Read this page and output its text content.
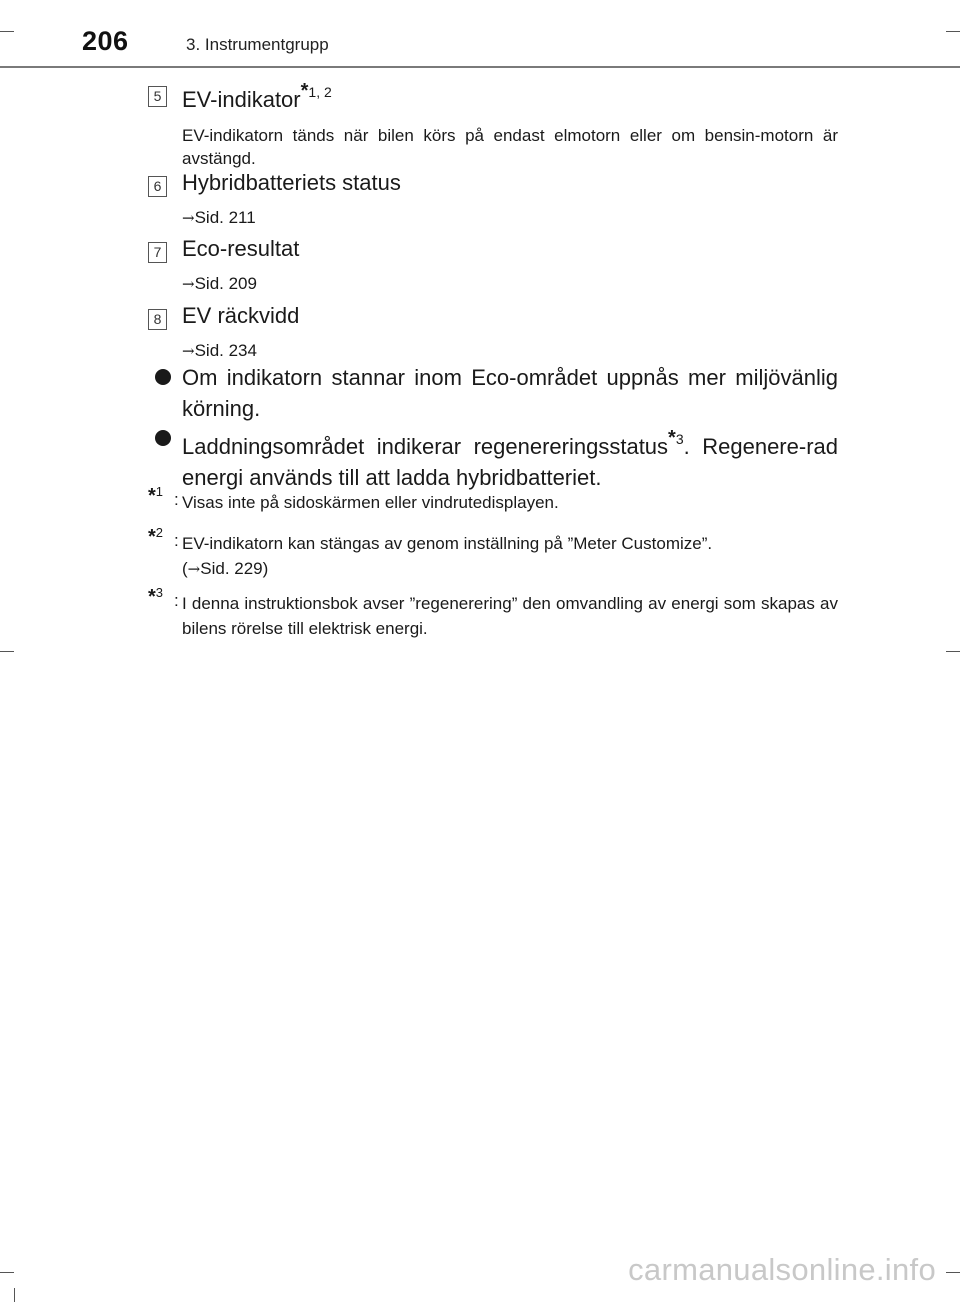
206	3. Instrumentgrupp
5 EV-indikator$^{*1, 2}$
EV-indikatorn tänds när bilen körs på endast elmotorn eller om bensin-motorn är avstängd.
6 Hybridbatteriets status
→Sid. 211
7 Eco-resultat
→Sid. 209
8 EV räckvidd
→Sid. 234
Om indikatorn stannar inom Eco-området uppnås mer miljövänlig körning.
Laddningsområdet indikerar regenereringsstatus$^{*3}$. Regenere-rad energi används till att ladda hybridbatteriet.
*$^1$ : Visas inte på sidoskärmen eller vindrutedisplayen.
*$^2$ : EV-indikatorn kan stängas av genom inställning på ”Meter Customize”.
(→Sid. 229)
*$^3$ : I denna instruktionsbok avser ”regenerering” den omvandling av energi som skapas av bilens rörelse till elektrisk energi.
carmanualsonline.info
